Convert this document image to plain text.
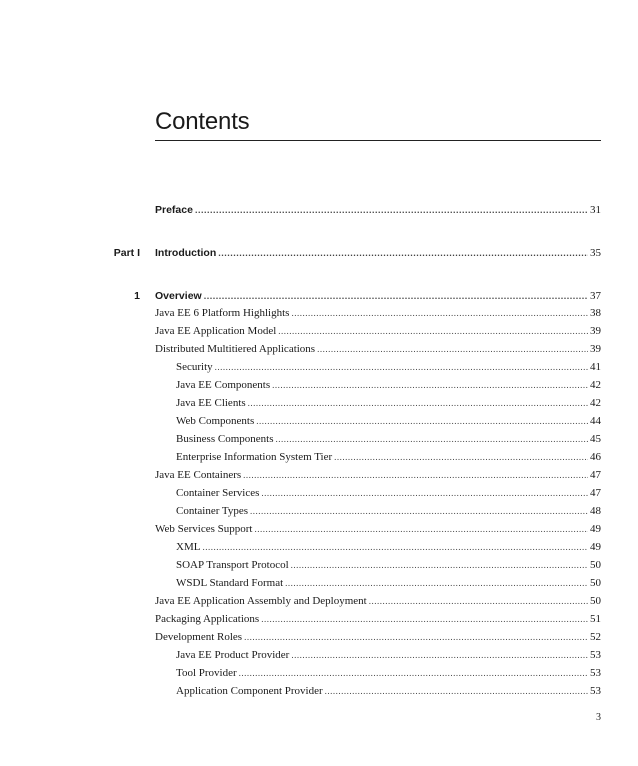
Contents
Preface .....	31
Part I Introduction .....	35
1 Overview .....	37
Java EE 6 Platform Highlights .....	38
Java EE Application Model .....	39
Distributed Multitiered Applications .....	39
Security .....	41
Java EE Components .....	42
Java EE Clients .....	42
Web Components .....	44
Business Components .....	45
Enterprise Information System Tier .....	46
Java EE Containers .....	47
Container Services .....	47
Container Types .....	48
Web Services Support .....	49
XML .....	49
SOAP Transport Protocol .....	50
WSDL Standard Format .....	50
Java EE Application Assembly and Deployment .....	50
Packaging Applications .....	51
Development Roles .....	52
Java EE Product Provider .....	53
Tool Provider .....	53
Application Component Provider .....	53
3
